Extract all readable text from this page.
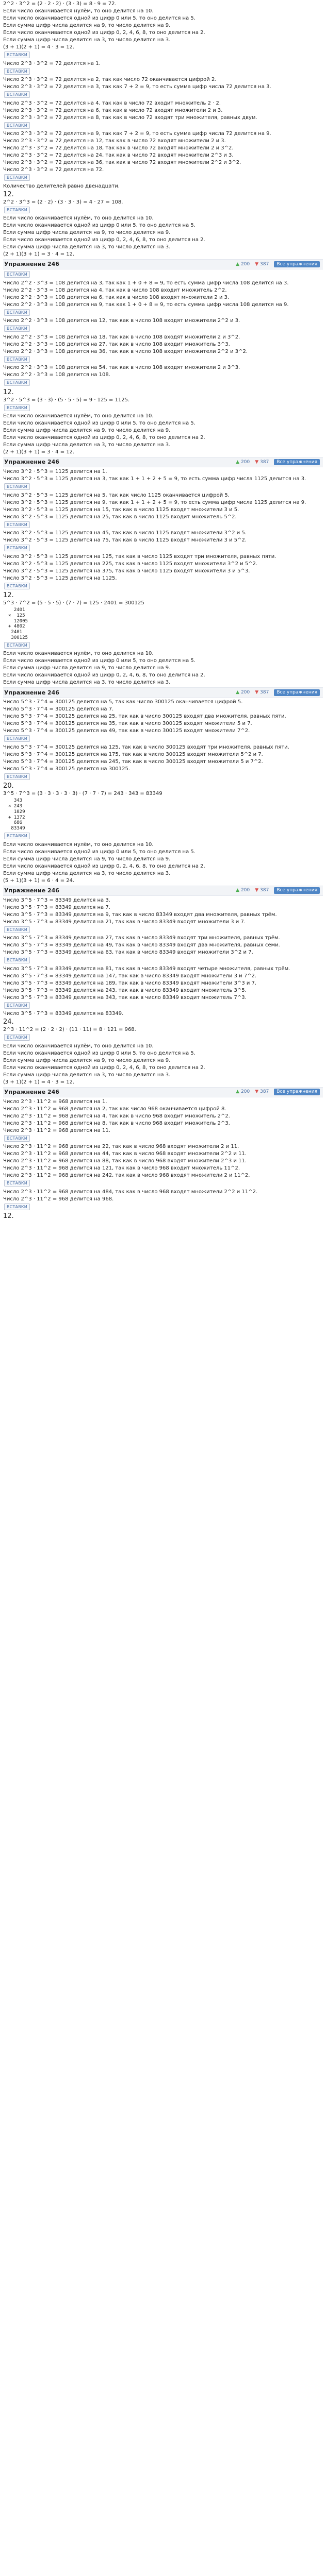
2^2 · 3^2 = (2 · 2 · 2) · (3 · 3) = 8 · 9 = 72.

Если число оканчивается нулём, то оно делится на 10.

Если число оканчивается одной из цифр 0 или 5, то оно делится на 5.

Если сумма цифр числа делится на 9, то число делится на 9.

Если число оканчивается одной из цифр 0, 2, 4, 6, 8, то оно делится на 2.

Если сумма цифр числа делится на 3, то число делится на 3.

(3 + 1)(2 + 1) = 4 · 3 = 12.

ВСТАВКИ

Число 2^3 · 3^2 = 72 делится на 1.

ВСТАВКИ

Число 2^3 · 3^2 = 72 делится на 2, так как число 72 оканчивается цифрой 2.

Число 2^3 · 3^2 = 72 делится на 3, так как 7 + 2 = 9, то есть сумма цифр числа 72 делится на 3.

ВСТАВКИ

Число 2^3 · 3^2 = 72 делится на 4, так как в число 72 входит множитель 2 · 2.

Число 2^3 · 3^2 = 72 делится на 6, так как в число 72 входят множители 2 и 3.

Число 2^3 · 3^2 = 72 делится на 8, так как в число 72 входят три множителя, равных двум.

ВСТАВКИ

Число 2^3 · 3^2 = 72 делится на 9, так как 7 + 2 = 9, то есть сумма цифр числа 72 делится на 9.

Число 2^3 · 3^2 = 72 делится на 12, так как в число 72 входят множители 2 и 3.

Число 2^3 · 3^2 = 72 делится на 18, так как в число 72 входят множители 2 и 3^2.

Число 2^3 · 3^2 = 72 делится на 24, так как в число 72 входят множители 2^3 и 3.

Число 2^3 · 3^2 = 72 делится на 36, так как в число 72 входят множители 2^2 и 3^2.

Число 2^3 · 3^2 = 72 делится на 72.

ВСТАВКИ

Количество делителей равно двенадцати.

12.

2^2 · 3^3 = (2 · 2) · (3 · 3 · 3) = 4 · 27 = 108.

ВСТАВКИ

Если число оканчивается нулём, то оно делится на 10.

Если число оканчивается одной из цифр 0 или 5, то оно делится на 5.

Если сумма цифр числа делится на 9, то число делится на 9.

Если число оканчивается одной из цифр 0, 2, 4, 6, 8, то оно делится на 2.

Если сумма цифр числа делится на 3, то число делится на 3.

(2 + 1)(3 + 1) = 3 · 4 = 12.

Упражнение 246	▲ 200 ▼ 387	Все упражнения
ВСТАВКИ

Число 2^2 · 3^3 = 108 делится на 3, так как 1 + 0 + 8 = 9, то есть сумма цифр числа 108 делится на 3.

Число 2^2 · 3^3 = 108 делится на 4, так как в число 108 входит множитель 2^2.

Число 2^2 · 3^3 = 108 делится на 6, так как в число 108 входят множители 2 и 3.

Число 2^2 · 3^3 = 108 делится на 9, так как 1 + 0 + 8 = 9, то есть сумма цифр числа 108 делится на 9.

ВСТАВКИ

Число 2^2 · 3^3 = 108 делится на 12, так как в число 108 входят множители 2^2 и 3.

ВСТАВКИ

Число 2^2 · 3^3 = 108 делится на 18, так как в число 108 входят множители 2 и 3^2.

Число 2^2 · 3^3 = 108 делится на 27, так как в число 108 входит множитель 3^3.

Число 2^2 · 3^3 = 108 делится на 36, так как в число 108 входят множители 2^2 и 3^2.

ВСТАВКИ

Число 2^2 · 3^3 = 108 делится на 54, так как в число 108 входят множители 2 и 3^3.

Число 2^2 · 3^3 = 108 делится на 108.

ВСТАВКИ

12.

3^2 · 5^3 = (3 · 3) · (5 · 5 · 5) = 9 · 125 = 1125.

ВСТАВКИ

Если число оканчивается нулём, то оно делится на 10.

Если число оканчивается одной из цифр 0 или 5, то оно делится на 5.

Если сумма цифр числа делится на 9, то число делится на 9.

Если число оканчивается одной из цифр 0, 2, 4, 6, 8, то оно делится на 2.

Если сумма цифр числа делится на 3, то число делится на 3.

(2 + 1)(3 + 1) = 3 · 4 = 12.

Упражнение 246	▲ 200 ▼ 387	Все упражнения

Число 3^2 · 5^3 = 1125 делится на 1.

Число 3^2 · 5^3 = 1125 делится на 3, так как 1 + 1 + 2 + 5 = 9, то есть сумма цифр числа 1125 делится на 3.

ВСТАВКИ

Число 3^2 · 5^3 = 1125 делится на 5, так как число 1125 оканчивается цифрой 5.

Число 3^2 · 5^3 = 1125 делится на 9, так как 1 + 1 + 2 + 5 = 9, то есть сумма цифр числа 1125 делится на 9.

Число 3^2 · 5^3 = 1125 делится на 15, так как в число 1125 входят множители 3 и 5.

Число 3^2 · 5^3 = 1125 делится на 25, так как в число 1125 входит множитель 5^2.

ВСТАВКИ

Число 3^2 · 5^3 = 1125 делится на 45, так как в число 1125 входят множители 3^2 и 5.

Число 3^2 · 5^3 = 1125 делится на 75, так как в число 1125 входят множители 3 и 5^2.

ВСТАВКИ

Число 3^2 · 5^3 = 1125 делится на 125, так как в число 1125 входят три множителя, равных пяти.

Число 3^2 · 5^3 = 1125 делится на 225, так как в число 1125 входят множители 3^2 и 5^2.

Число 3^2 · 5^3 = 1125 делится на 375, так как в число 1125 входят множители 3 и 5^3.

Число 3^2 · 5^3 = 1125 делится на 1125.

ВСТАВКИ

12.

5^3 · 7^2 = (5 · 5 · 5) · (7 · 7) = 125 · 2401 = 300125

2401
×  125
12005
+ 4802
2401
300125
ВСТАВКИ

Если число оканчивается нулём, то оно делится на 10.

Если число оканчивается одной из цифр 0 или 5, то оно делится на 5.

Если сумма цифр числа делится на 9, то число делится на 9.

Если число оканчивается одной из цифр 0, 2, 4, 6, 8, то оно делится на 2.

Если сумма цифр числа делится на 3, то число делится на 3.

Упражнение 246	▲ 200 ▼ 387	Все упражнения

Число 5^3 · 7^4 = 300125 делится на 5, так как число 300125 оканчивается цифрой 5.

Число 5^3 · 7^4 = 300125 делится на 7.

Число 5^3 · 7^4 = 300125 делится на 25, так как в число 300125 входят два множителя, равных пяти.

Число 5^3 · 7^4 = 300125 делится на 35, так как в число 300125 входят множители 5 и 7.

Число 5^3 · 7^4 = 300125 делится на 49, так как в число 300125 входят множители 7^2.

ВСТАВКИ

Число 5^3 · 7^4 = 300125 делится на 125, так как в число 300125 входят три множителя, равных пяти.

Число 5^3 · 7^4 = 300125 делится на 175, так как в число 300125 входят множители 5^2 и 7.

Число 5^3 · 7^4 = 300125 делится на 245, так как в число 300125 входят множители 5 и 7^2.

Число 5^3 · 7^4 = 300125 делится на 300125.

ВСТАВКИ

20.

3^5 · 7^3 = (3 · 3 · 3 · 3 · 3) · (7 · 7 · 7) = 243 · 343 = 83349

343
× 243
1029
+ 1372
686
83349
ВСТАВКИ

Если число оканчивается нулём, то оно делится на 10.

Если число оканчивается одной из цифр 0 или 5, то оно делится на 5.

Если сумма цифр числа делится на 9, то число делится на 9.

Если число оканчивается одной из цифр 0, 2, 4, 6, 8, то оно делится на 2.

Если сумма цифр числа делится на 3, то число делится на 3.

(5 + 1)(3 + 1) = 6 · 4 = 24.

Упражнение 246	▲ 200 ▼ 387	Все упражнения

Число 3^5 · 7^3 = 83349 делится на 3.

Число 3^5 · 7^3 = 83349 делится на 7.

Число 3^5 · 7^3 = 83349 делится на 9, так как в число 83349 входят два множителя, равных трём.

Число 3^5 · 7^3 = 83349 делится на 21, так как в число 83349 входят множители 3 и 7.

ВСТАВКИ

Число 3^5 · 7^3 = 83349 делится на 27, так как в число 83349 входят три множителя, равных трём.

Число 3^5 · 7^3 = 83349 делится на 49, так как в число 83349 входят два множителя, равных семи.

Число 3^5 · 7^3 = 83349 делится на 63, так как в число 83349 входят множители 3^2 и 7.

ВСТАВКИ

Число 3^5 · 7^3 = 83349 делится на 81, так как в число 83349 входят четыре множителя, равных трём.

Число 3^5 · 7^3 = 83349 делится на 147, так как в число 83349 входят множители 3 и 7^2.

Число 3^5 · 7^3 = 83349 делится на 189, так как в число 83349 входят множители 3^3 и 7.

Число 3^5 · 7^3 = 83349 делится на 243, так как в число 83349 входит множитель 3^5.

Число 3^5 · 7^3 = 83349 делится на 343, так как в число 83349 входит множитель 7^3.

ВСТАВКИ

Число 3^5 · 7^3 = 83349 делится на 83349.

24.

2^3 · 11^2 = (2 · 2 · 2) · (11 · 11) = 8 · 121 = 968.

ВСТАВКИ

Если число оканчивается нулём, то оно делится на 10.

Если число оканчивается одной из цифр 0 или 5, то оно делится на 5.

Если сумма цифр числа делится на 9, то число делится на 9.

Если число оканчивается одной из цифр 0, 2, 4, 6, 8, то оно делится на 2.

Если сумма цифр числа делится на 3, то число делится на 3.

(3 + 1)(2 + 1) = 4 · 3 = 12.

Упражнение 246	▲ 200 ▼ 387	Все упражнения

Число 2^3 · 11^2 = 968 делится на 1.

Число 2^3 · 11^2 = 968 делится на 2, так как число 968 оканчивается цифрой 8.

Число 2^3 · 11^2 = 968 делится на 4, так как в число 968 входит множитель 2^2.

Число 2^3 · 11^2 = 968 делится на 8, так как в число 968 входит множитель 2^3.

Число 2^3 · 11^2 = 968 делится на 11.

ВСТАВКИ

Число 2^3 · 11^2 = 968 делится на 22, так как в число 968 входят множители 2 и 11.

Число 2^3 · 11^2 = 968 делится на 44, так как в число 968 входят множители 2^2 и 11.

Число 2^3 · 11^2 = 968 делится на 88, так как в число 968 входят множители 2^3 и 11.

Число 2^3 · 11^2 = 968 делится на 121, так как в число 968 входит множитель 11^2.

Число 2^3 · 11^2 = 968 делится на 242, так как в число 968 входят множители 2 и 11^2.

ВСТАВКИ

Число 2^3 · 11^2 = 968 делится на 484, так как в число 968 входят множители 2^2 и 11^2.

Число 2^3 · 11^2 = 968 делится на 968.

ВСТАВКИ

12.
